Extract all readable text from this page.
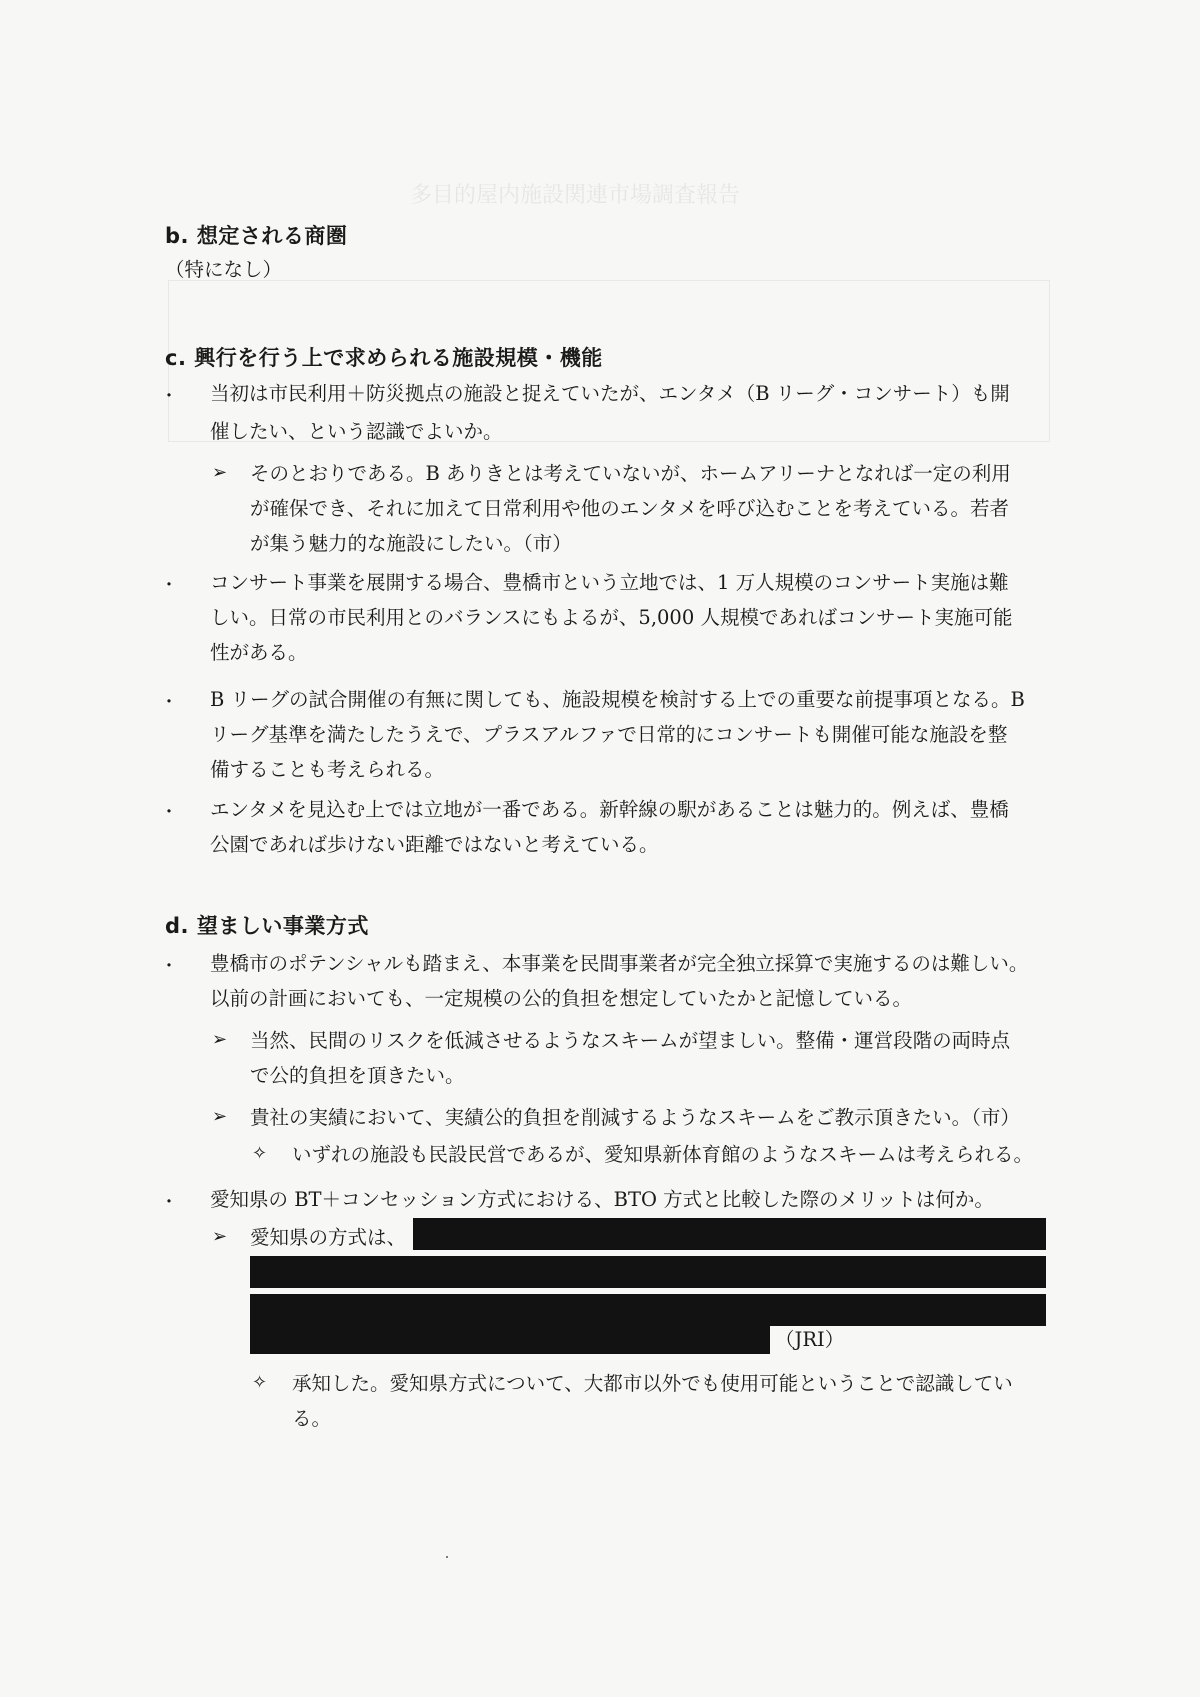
多目的屋内施設関連市場調査報告
b. 想定される商圏
（特になし）
c. 興行を行う上で求められる施設規模・機能
・ 当初は市民利用＋防災拠点の施設と捉えていたが、エンタメ（B リーグ・コンサート）も開
催したい、という認識でよいか。
➢ そのとおりである。B ありきとは考えていないが、ホームアリーナとなれば一定の利用
が確保でき、それに加えて日常利用や他のエンタメを呼び込むことを考えている。若者
が集う魅力的な施設にしたい。（市）
・ コンサート事業を展開する場合、豊橋市という立地では、1 万人規模のコンサート実施は難
しい。日常の市民利用とのバランスにもよるが、5,000 人規模であればコンサート実施可能
性がある。
・ B リーグの試合開催の有無に関しても、施設規模を検討する上での重要な前提事項となる。B
リーグ基準を満たしたうえで、プラスアルファで日常的にコンサートも開催可能な施設を整
備することも考えられる。
・ エンタメを見込む上では立地が一番である。新幹線の駅があることは魅力的。例えば、豊橋
公園であれば歩けない距離ではないと考えている。
d. 望ましい事業方式
・ 豊橋市のポテンシャルも踏まえ、本事業を民間事業者が完全独立採算で実施するのは難しい。
以前の計画においても、一定規模の公的負担を想定していたかと記憶している。
➢ 当然、民間のリスクを低減させるようなスキームが望ましい。整備・運営段階の両時点
で公的負担を頂きたい。
➢ 貴社の実績において、実績公的負担を削減するようなスキームをご教示頂きたい。（市）
✧ いずれの施設も民設民営であるが、愛知県新体育館のようなスキームは考えられる。
・ 愛知県の BT＋コンセッション方式における、BTO 方式と比較した際のメリットは何か。
➢ 愛知県の方式は、
（JRI）
✧ 承知した。愛知県方式について、大都市以外でも使用可能ということで認識してい
る。
